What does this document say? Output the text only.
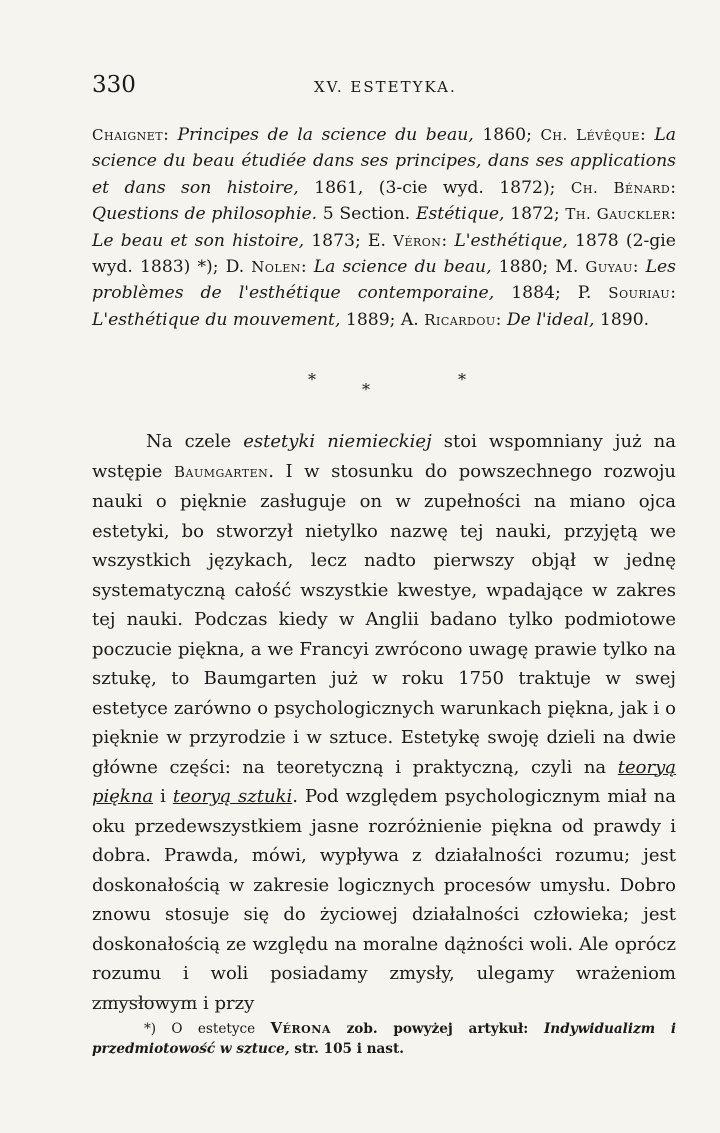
330	XV. ESTETYKA.
Chaignet: Principes de la science du beau, 1860; Ch. Lévêque: La science du beau étudiée dans ses principes, dans ses applications et dans son histoire, 1861, (3-cie wyd. 1872); Ch. Bénard: Questions de philosophie. 5 Section. Estétique, 1872; Th. Gauckler: Le beau et son histoire, 1873; E. Véron: L'esthétique, 1878 (2-gie wyd. 1883) *); D. Nolen: La science du beau, 1880; M. Guyau: Les problèmes de l'esthétique contemporaine, 1884; P. Souriau: L'esthétique du mouvement, 1889; A. Ricardou: De l'ideal, 1890.
*
*
*

Na czele estetyki niemieckiej stoi wspomniany już na wstępie Baumgarten. I w stosunku do powszechnego rozwoju nauki o pięknie zasługuje on w zupełności na miano ojca estetyki, bo stworzył nietylko nazwę tej nauki, przyjętą we wszystkich językach, lecz nadto pierwszy objął w jednę systematyczną całość wszystkie kwestye, wpadające w zakres tej nauki. Podczas kiedy w Anglii badano tylko podmiotowe poczucie piękna, a we Francyi zwrócono uwagę prawie tylko na sztukę, to Baumgarten już w roku 1750 traktuje w swej estetyce zarówno o psychologicznych warunkach piękna, jak i o pięknie w przyrodzie i w sztuce. Estetykę swoję dzieli na dwie główne części: na teoretyczną i praktyczną, czyli na teoryą piękna i teoryą sztuki. Pod względem psychologicznym miał na oku przedewszystkiem jasne rozróżnienie piękna od prawdy i dobra. Prawda, mówi, wypływa z działalności rozumu; jest doskonałością w zakresie logicznych procesów umysłu. Dobro znowu stosuje się do życiowej działalności człowieka; jest doskonałością ze względu na moralne dążności woli. Ale oprócz rozumu i woli posiadamy zmysły, ulegamy wrażeniom zmysłowym i przy

*) O estetyce Vérona zob. powyżej artykuł: Indywidualizm i przedmiotowość w sztuce, str. 105 i nast.
